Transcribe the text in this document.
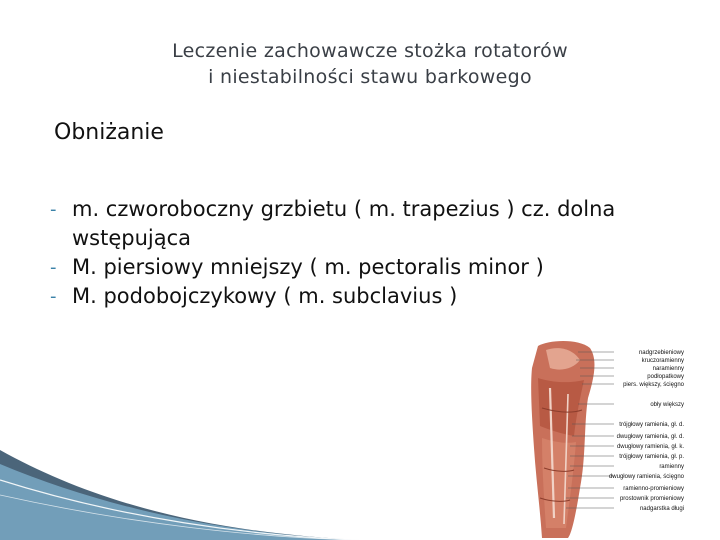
Leczenie zachowawcze stożka rotatorów
i niestabilności stawu barkowego
Obniżanie
- m. czworoboczny grzbietu ( m. trapezius ) cz. dolna wstępująca
- M. piersiowy mniejszy ( m. pectoralis minor )
- M. podobojczykowy ( m. subclavius )
nadgrzebieniowy
kruczoramienny
naramienny
podłopatkowy
piers. większy, ścięgno
obły większy
trójgłowy ramienia, gł. d.
dwugłowy ramienia, gł. d.
dwugłowy ramienia, gł. k.
trójgłowy ramienia, gł. p.
ramienny
dwugłowy ramienia, ścięgno
ramienno-promieniowy
prostownik promieniowy
nadgarstka długi
